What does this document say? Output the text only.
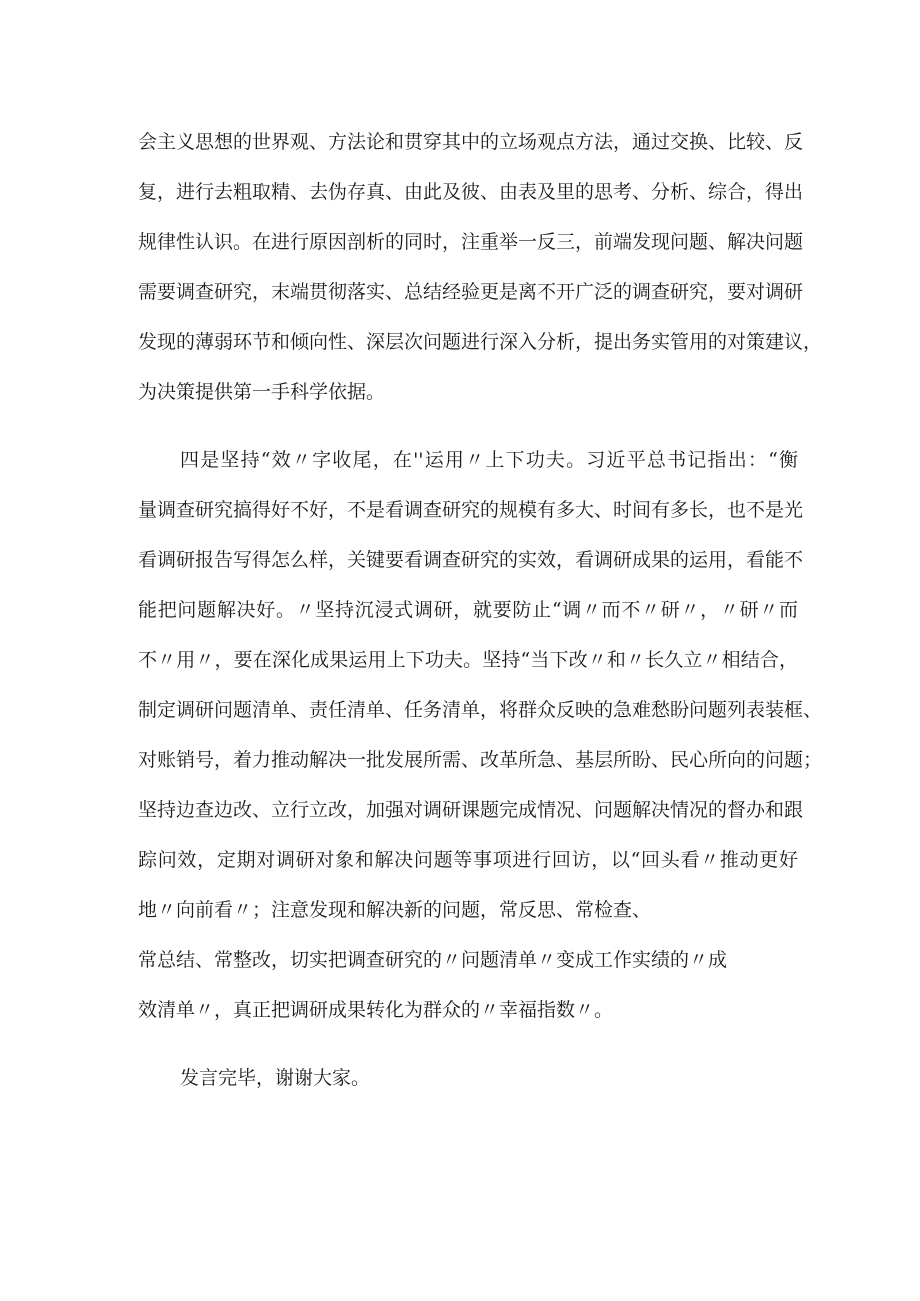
会主义思想的世界观、方法论和贯穿其中的立场观点方法，通过交换、比较、反
复，进行去粗取精、去伪存真、由此及彼、由表及里的思考、分析、综合，得出
规律性认识。在进行原因剖析的同时，注重举一反三，前端发现问题、解决问题
需要调查研究，末端贯彻落实、总结经验更是离不开广泛的调查研究，要对调研
发现的薄弱环节和倾向性、深层次问题进行深入分析，提出务实管用的对策建议，
为决策提供第一手科学依据。
四是坚持“效〃字收尾，在''运用〃上下功夫。习近平总书记指出：“衡
量调查研究搞得好不好，不是看调查研究的规模有多大、时间有多长，也不是光
看调研报告写得怎么样，关键要看调查研究的实效，看调研成果的运用，看能不
能把问题解决好。〃坚持沉浸式调研，就要防止“调〃而不〃研〃，〃研〃而
不〃用〃，要在深化成果运用上下功夫。坚持“当下改〃和〃长久立〃相结合，
制定调研问题清单、责任清单、任务清单，将群众反映的急难愁盼问题列表装框、
对账销号，着力推动解决一批发展所需、改革所急、基层所盼、民心所向的问题；
坚持边查边改、立行立改，加强对调研课题完成情况、问题解决情况的督办和跟
踪问效，定期对调研对象和解决问题等事项进行回访，以“回头看〃推动更好
地〃向前看〃；注意发现和解决新的问题，常反思、常检查、
常总结、常整改，切实把调查研究的〃问题清单〃变成工作实绩的〃成
效清单〃，真正把调研成果转化为群众的〃幸福指数〃。
发言完毕，谢谢大家。
